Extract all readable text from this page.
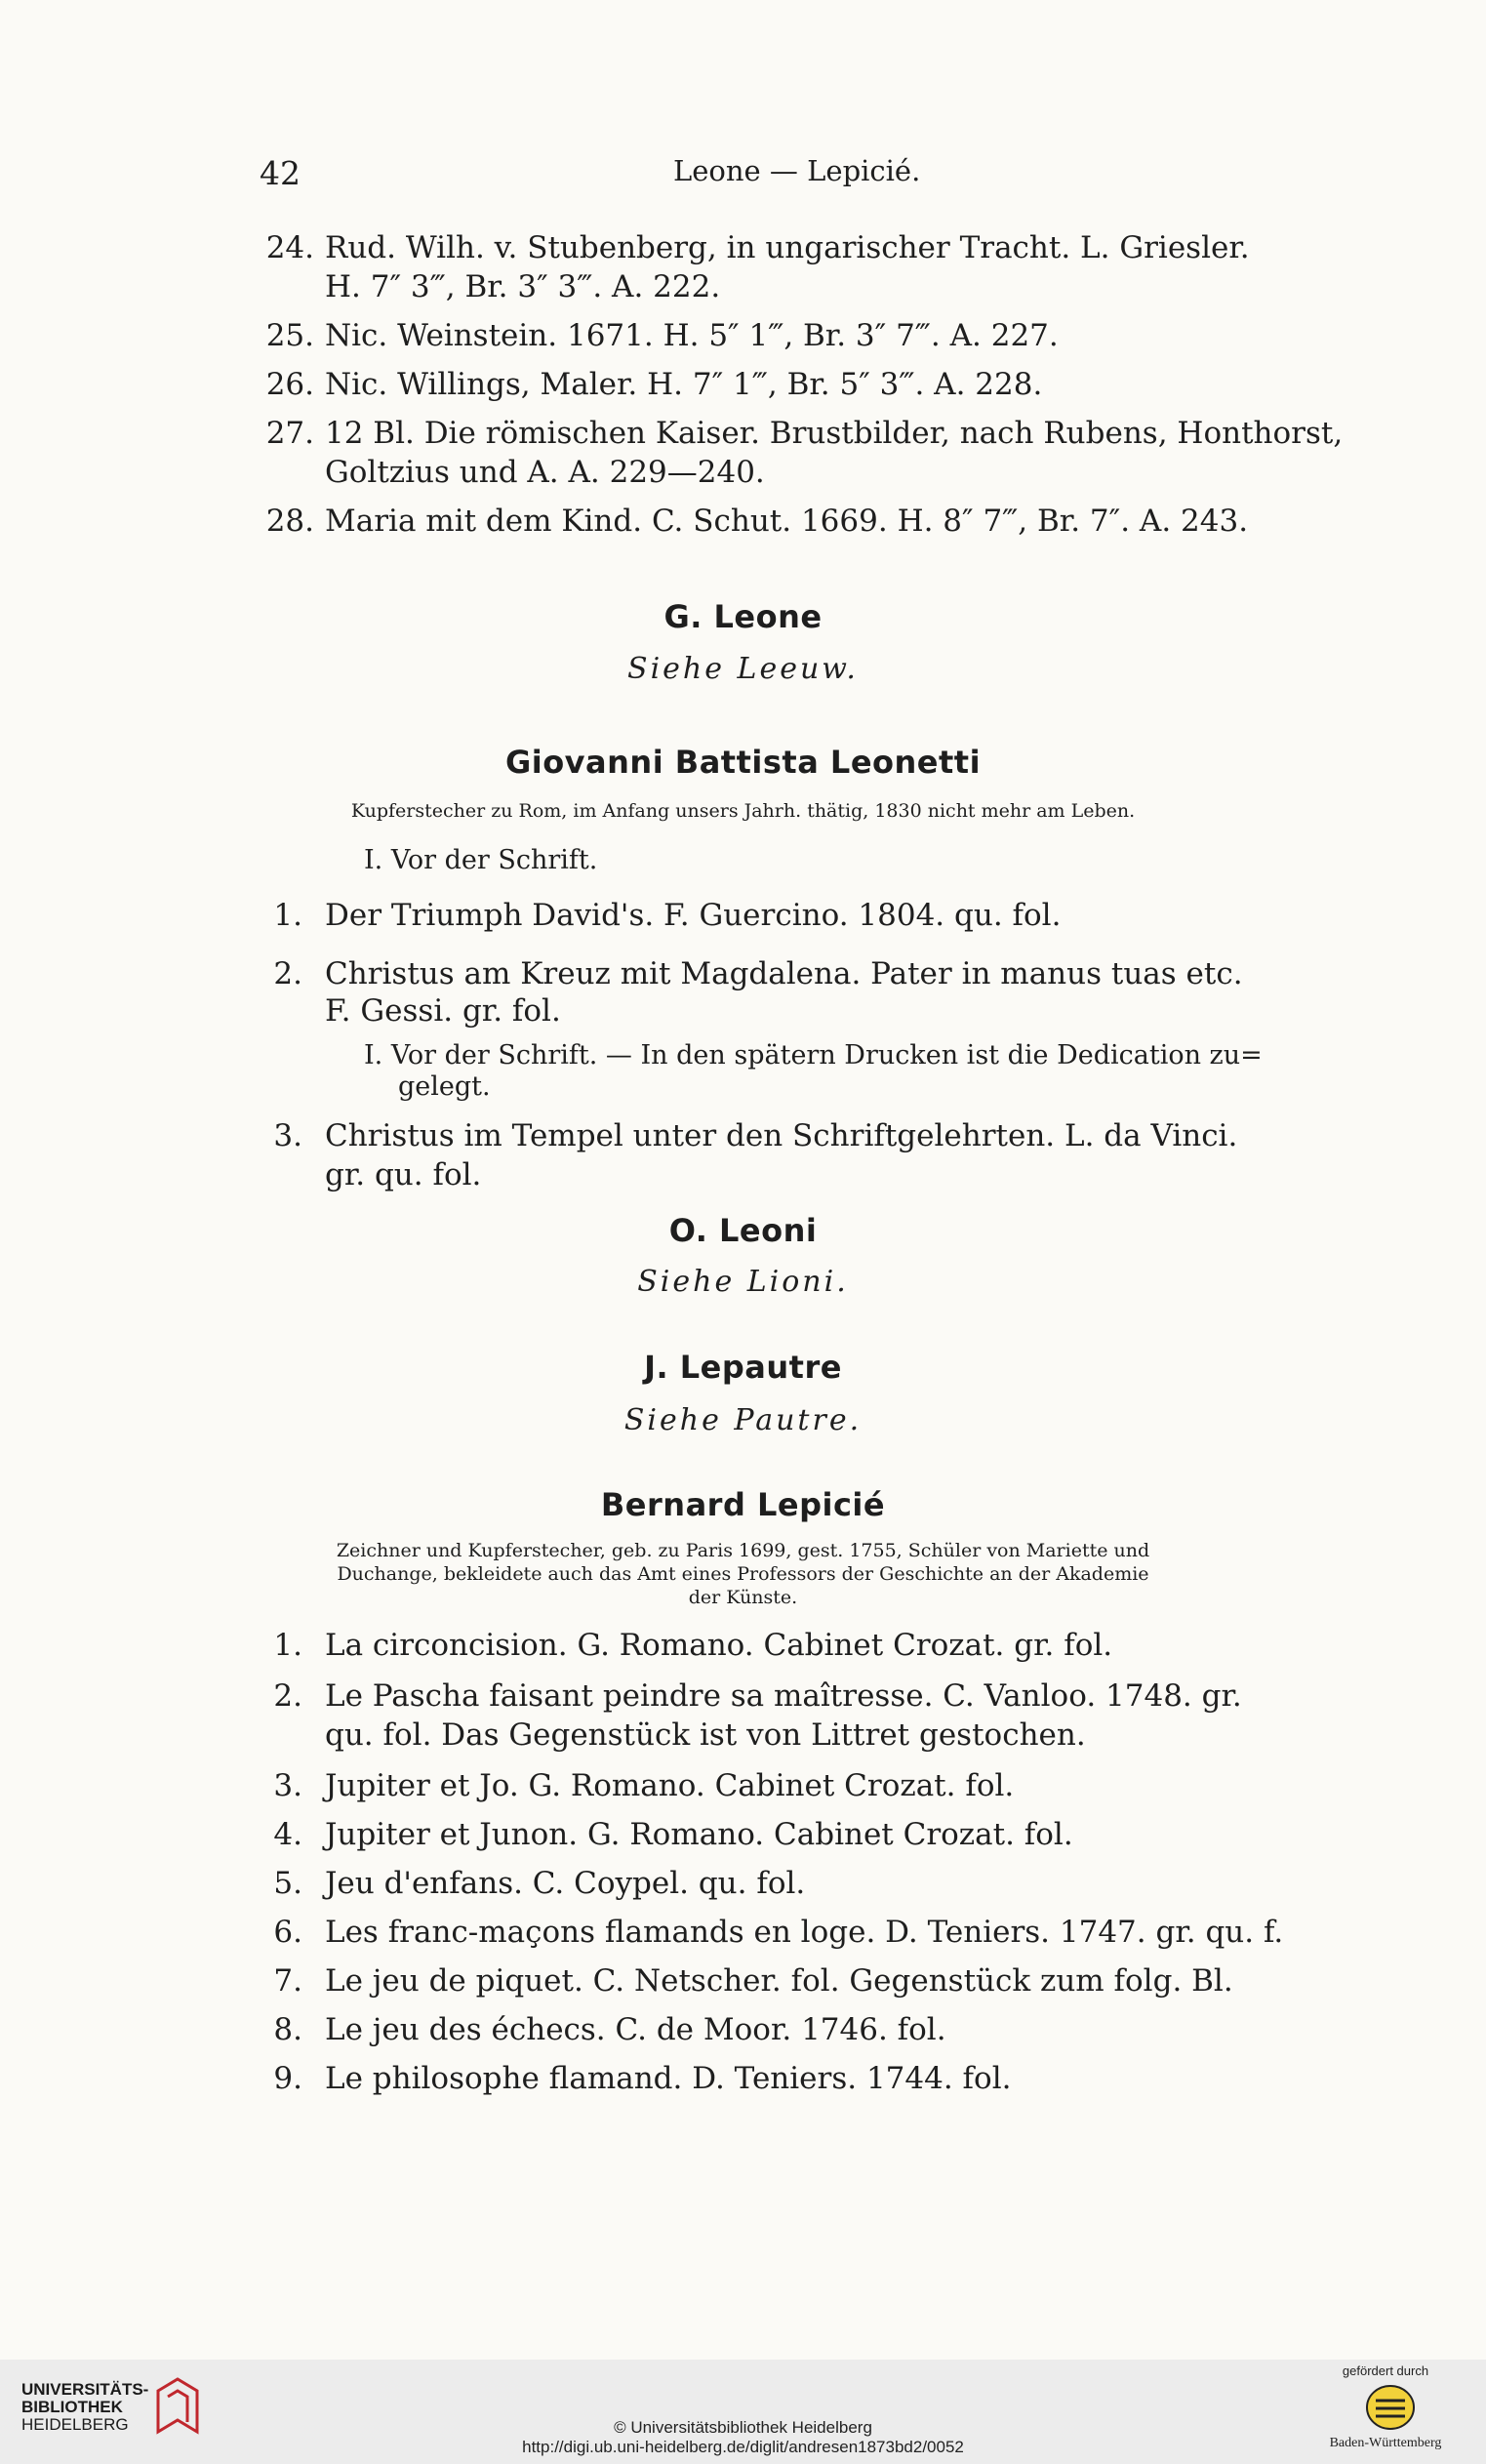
42	Leone — Lepicié.
24. Rud. Wilh. v. Stubenberg, in ungarischer Tracht. L. Griesler.
H. 7″ 3‴, Br. 3″ 3‴. A. 222.
25. Nic. Weinstein. 1671. H. 5″ 1‴, Br. 3″ 7‴. A. 227.
26. Nic. Willings, Maler. H. 7″ 1‴, Br. 5″ 3‴. A. 228.
27. 12 Bl. Die römischen Kaiser. Brustbilder, nach Rubens, Honthorst,
Goltzius und A. A. 229—240.
28. Maria mit dem Kind. C. Schut. 1669. H. 8″ 7‴, Br. 7″. A. 243.
G. Leone
Siehe Leeuw.
Giovanni Battista Leonetti
Kupferstecher zu Rom, im Anfang unsers Jahrh. thätig, 1830 nicht mehr am Leben.
I. Vor der Schrift.
1. Der Triumph David's. F. Guercino. 1804. qu. fol.
2. Christus am Kreuz mit Magdalena. Pater in manus tuas etc.
F. Gessi. gr. fol.
I. Vor der Schrift. — In den spätern Drucken ist die Dedication zu=
gelegt.
3. Christus im Tempel unter den Schriftgelehrten. L. da Vinci.
gr. qu. fol.
O. Leoni
Siehe Lioni.
J. Lepautre
Siehe Pautre.
Bernard Lepicié
Zeichner und Kupferstecher, geb. zu Paris 1699, gest. 1755, Schüler von Mariette und
Duchange, bekleidete auch das Amt eines Professors der Geschichte an der Akademie
der Künste.
1. La circoncision. G. Romano. Cabinet Crozat. gr. fol.
2. Le Pascha faisant peindre sa maîtresse. C. Vanloo. 1748. gr.
qu. fol. Das Gegenstück ist von Littret gestochen.
3. Jupiter et Jo. G. Romano. Cabinet Crozat. fol.
4. Jupiter et Junon. G. Romano. Cabinet Crozat. fol.
5. Jeu d'enfans. C. Coypel. qu. fol.
6. Les franc-maçons flamands en loge. D. Teniers. 1747. gr. qu. f.
7. Le jeu de piquet. C. Netscher. fol. Gegenstück zum folg. Bl.
8. Le jeu des échecs. C. de Moor. 1746. fol.
9. Le philosophe flamand. D. Teniers. 1744. fol.
UNIVERSITÄTS-
BIBLIOTHEK
HEIDELBERG	© Universitätsbibliothek Heidelberg
http://digi.ub.uni-heidelberg.de/diglit/andresen1873bd2/0052
gefördert durch
Baden-Württemberg
